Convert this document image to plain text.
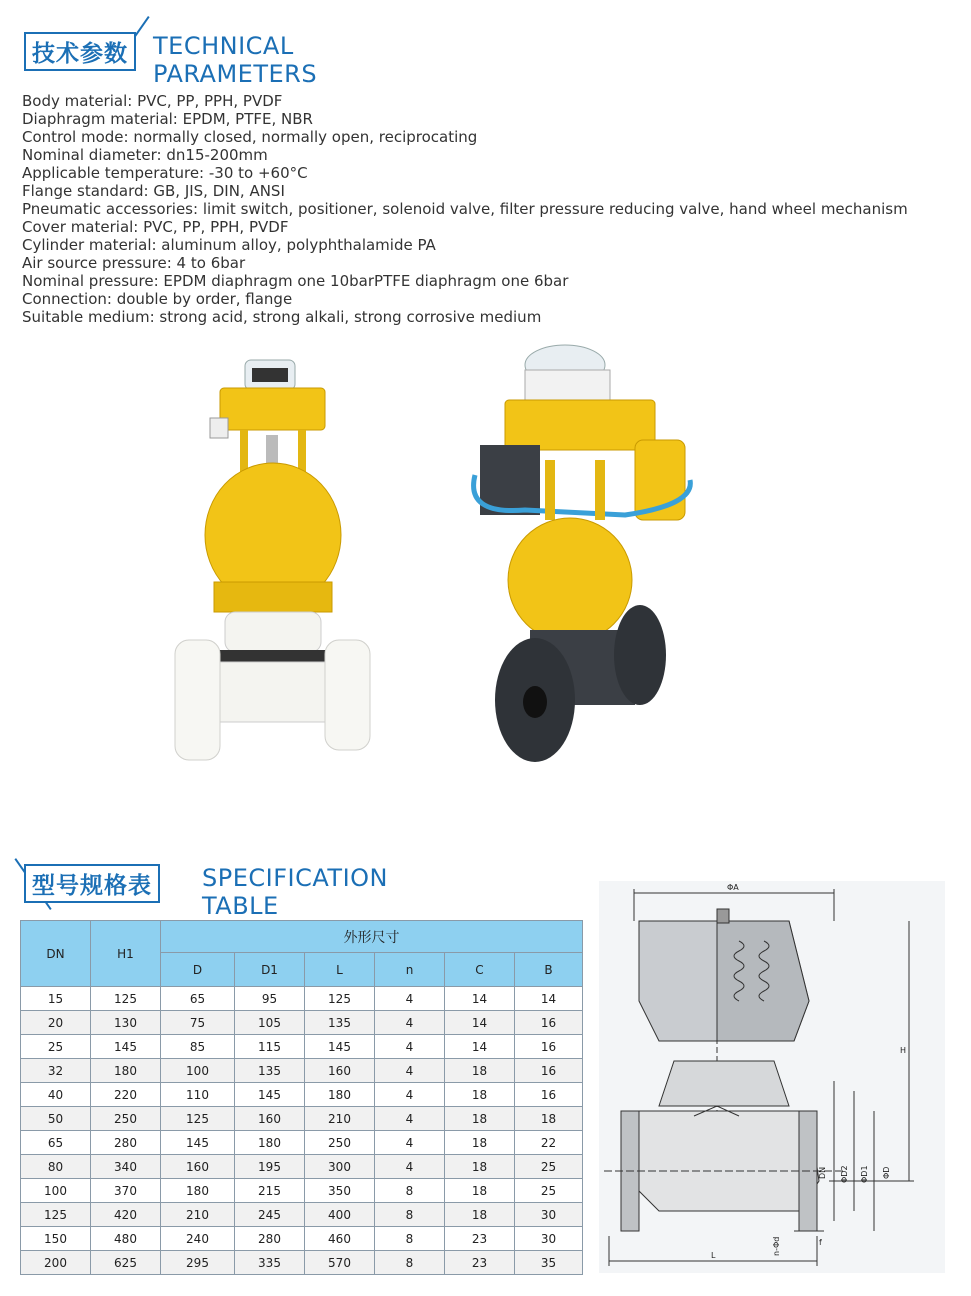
技术参数	TECHNICAL PARAMETERS
Body material: PVC, PP, PPH, PVDF
Diaphragm material: EPDM, PTFE, NBR
Control mode: normally closed, normally open, reciprocating
Nominal diameter: dn15-200mm
Applicable temperature: -30 to +60°C
Flange standard: GB, JIS, DIN, ANSI
Pneumatic accessories: limit switch, positioner, solenoid valve, filter pressure reducing valve, hand wheel mechanism
Cover material: PVC, PP, PPH, PVDF
Cylinder material: aluminum alloy, polyphthalamide PA
Air source pressure: 4 to 6bar
Nominal pressure: EPDM diaphragm one 10barPTFE diaphragm one 6bar
Connection: double by order, flange
Suitable medium: strong acid, strong alkali, strong corrosive medium
型号规格表	SPECIFICATION TABLE
DN	H1	外形尺寸					
		D	D1	L	n	C	B
15	125	65	95	125	4	14	14
20	130	75	105	135	4	14	16
25	145	85	115	145	4	14	16
32	180	100	135	160	4	18	16
40	220	110	145	180	4	18	16
50	250	125	160	210	4	18	18
65	280	145	180	250	4	18	22
80	340	160	195	300	4	18	25
100	370	180	215	350	8	18	25
125	420	210	245	400	8	18	30
150	480	240	280	460	8	23	30
200	625	295	335	570	8	23	35
ΦA
H
DN ΦD2 ΦD1 ΦD
n-Φd	f
L
